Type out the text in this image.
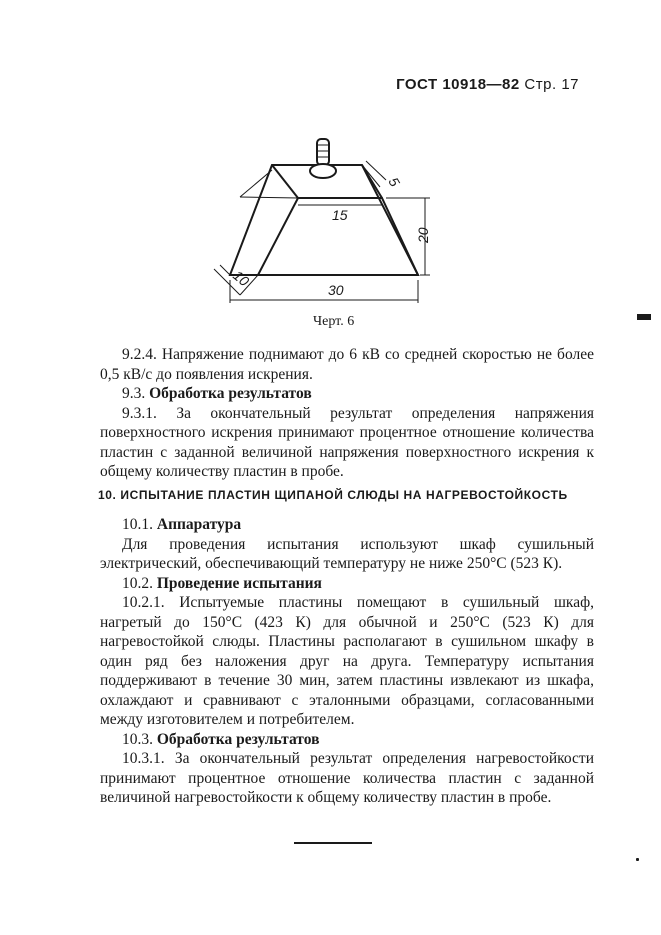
ГОСТ 10918—82 Стр. 17
15
5
20
30
10
Черт. 6

9.2.4. Напряжение поднимают до 6 кВ со средней скоростью не более 0,5 кВ/с до появления искрения.

9.3. Обработка результатов

9.3.1. За окончательный результат определения напряжения поверхностного искрения принимают процентное отношение количества пластин с заданной величиной напряжения поверхностного искрения к общему количеству пластин в пробе.

10. ИСПЫТАНИЕ ПЛАСТИН ЩИПАНОЙ СЛЮДЫ НА НАГРЕВОСТОЙКОСТЬ

10.1. Аппаратура

Для проведения испытания используют шкаф сушильный электрический, обеспечивающий температуру не ниже 250°С (523 К).

10.2. Проведение испытания

10.2.1. Испытуемые пластины помещают в сушильный шкаф, нагретый до 150°С (423 К) для обычной и 250°С (523 К) для нагревостойкой слюды. Пластины располагают в сушильном шкафу в один ряд без наложения друг на друга. Температуру испытания поддерживают в течение 30 мин, затем пластины извлекают из шкафа, охлаждают и сравнивают с эталонными образцами, согласованными между изготовителем и потребителем.

10.3. Обработка результатов

10.3.1. За окончательный результат определения нагревостойкости принимают процентное отношение количества пластин с заданной величиной нагревостойкости к общему количеству пластин в пробе.
